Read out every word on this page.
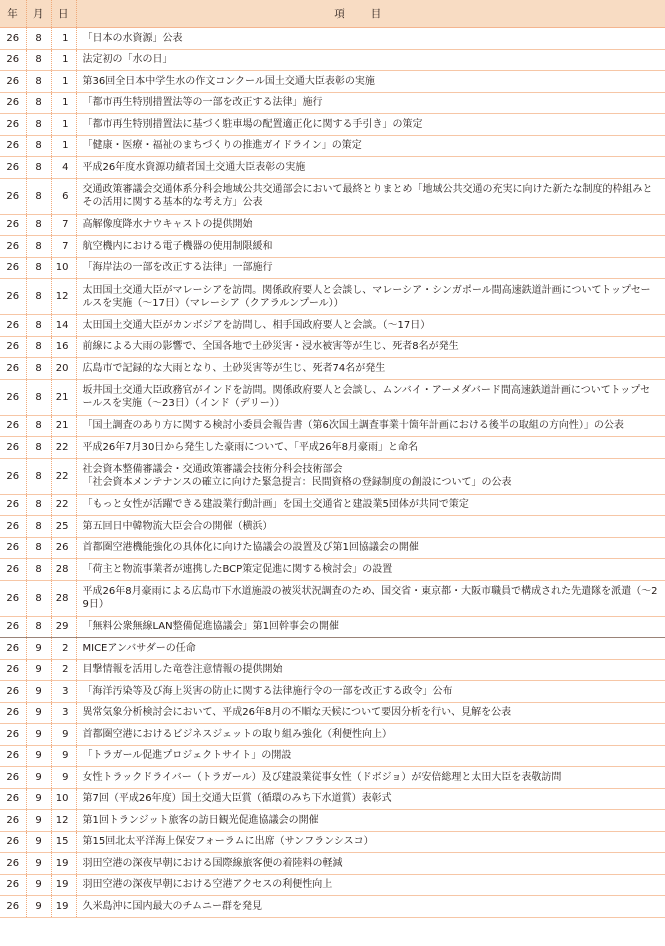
年	月	日	項目
26	8	1	「日本の水資源」公表
26	8	1	法定初の「水の日」
26	8	1	第36回全日本中学生水の作文コンクール国土交通大臣表彰の実施
26	8	1	「都市再生特別措置法等の一部を改正する法律」施行
26	8	1	「都市再生特別措置法に基づく駐車場の配置適正化に関する手引き」の策定
26	8	1	「健康・医療・福祉のまちづくりの推進ガイドライン」の策定
26	8	4	平成26年度水資源功績者国土交通大臣表彰の実施
26	8	6	交通政策審議会交通体系分科会地域公共交通部会において最終とりまとめ「地域公共交通の充実に向けた新たな制度的枠組みとその活用に関する基本的な考え方」公表
26	8	7	高解像度降水ナウキャストの提供開始
26	8	7	航空機内における電子機器の使用制限緩和
26	8	10	「海岸法の一部を改正する法律」一部施行
26	8	12	太田国土交通大臣がマレーシアを訪問。関係政府要人と会談し、マレーシア・シンガポール間高速鉄道計画についてトップセールスを実施（〜17日）（マレーシア（クアラルンプール））
26	8	14	太田国土交通大臣がカンボジアを訪問し、相手国政府要人と会談。（〜17日）
26	8	16	前線による大雨の影響で、全国各地で土砂災害・浸水被害等が生じ、死者8名が発生
26	8	20	広島市で記録的な大雨となり、土砂災害等が生じ、死者74名が発生
26	8	21	坂井国土交通大臣政務官がインドを訪問。関係政府要人と会談し、ムンバイ・アーメダバード間高速鉄道計画についてトップセールスを実施（〜23日）（インド（デリー））
26	8	21	「国土調査のあり方に関する検討小委員会報告書（第6次国土調査事業十箇年計画における後半の取組の方向性）」の公表
26	8	22	平成26年7月30日から発生した豪雨について、「平成26年8月豪雨」と命名
26	8	22	社会資本整備審議会・交通政策審議会技術分科会技術部会
「社会資本メンテナンスの確立に向けた緊急提言：民間資格の登録制度の創設について」の公表
26	8	22	「もっと女性が活躍できる建設業行動計画」を国土交通省と建設業5団体が共同で策定
26	8	25	第五回日中韓物流大臣会合の開催（横浜）
26	8	26	首都圏空港機能強化の具体化に向けた協議会の設置及び第1回協議会の開催
26	8	28	「荷主と物流事業者が連携したBCP策定促進に関する検討会」の設置
26	8	28	平成26年8月豪雨による広島市下水道施設の被災状況調査のため、国交省・東京都・大阪市職員で構成された先遣隊を派遣（〜29日）
26	8	29	「無料公衆無線LAN整備促進協議会」第1回幹事会の開催
26	9	2	MICEアンバサダーの任命
26	9	2	目撃情報を活用した竜巻注意情報の提供開始
26	9	3	「海洋汚染等及び海上災害の防止に関する法律施行令の一部を改正する政令」公布
26	9	3	異常気象分析検討会において、平成26年8月の不順な天候について要因分析を行い、見解を公表
26	9	9	首都圏空港におけるビジネスジェットの取り組み強化（利便性向上）
26	9	9	「トラガール促進プロジェクトサイト」の開設
26	9	9	女性トラックドライバー（トラガール）及び建設業従事女性（ドボジョ）が安倍総理と太田大臣を表敬訪問
26	9	10	第7回（平成26年度）国土交通大臣賞（循環のみち下水道賞）表彰式
26	9	12	第1回トランジット旅客の訪日観光促進協議会の開催
26	9	15	第15回北太平洋海上保安フォーラムに出席（サンフランシスコ）
26	9	19	羽田空港の深夜早朝における国際線旅客便の着陸料の軽減
26	9	19	羽田空港の深夜早朝における空港アクセスの利便性向上
26	9	19	久米島沖に国内最大のチムニー群を発見
